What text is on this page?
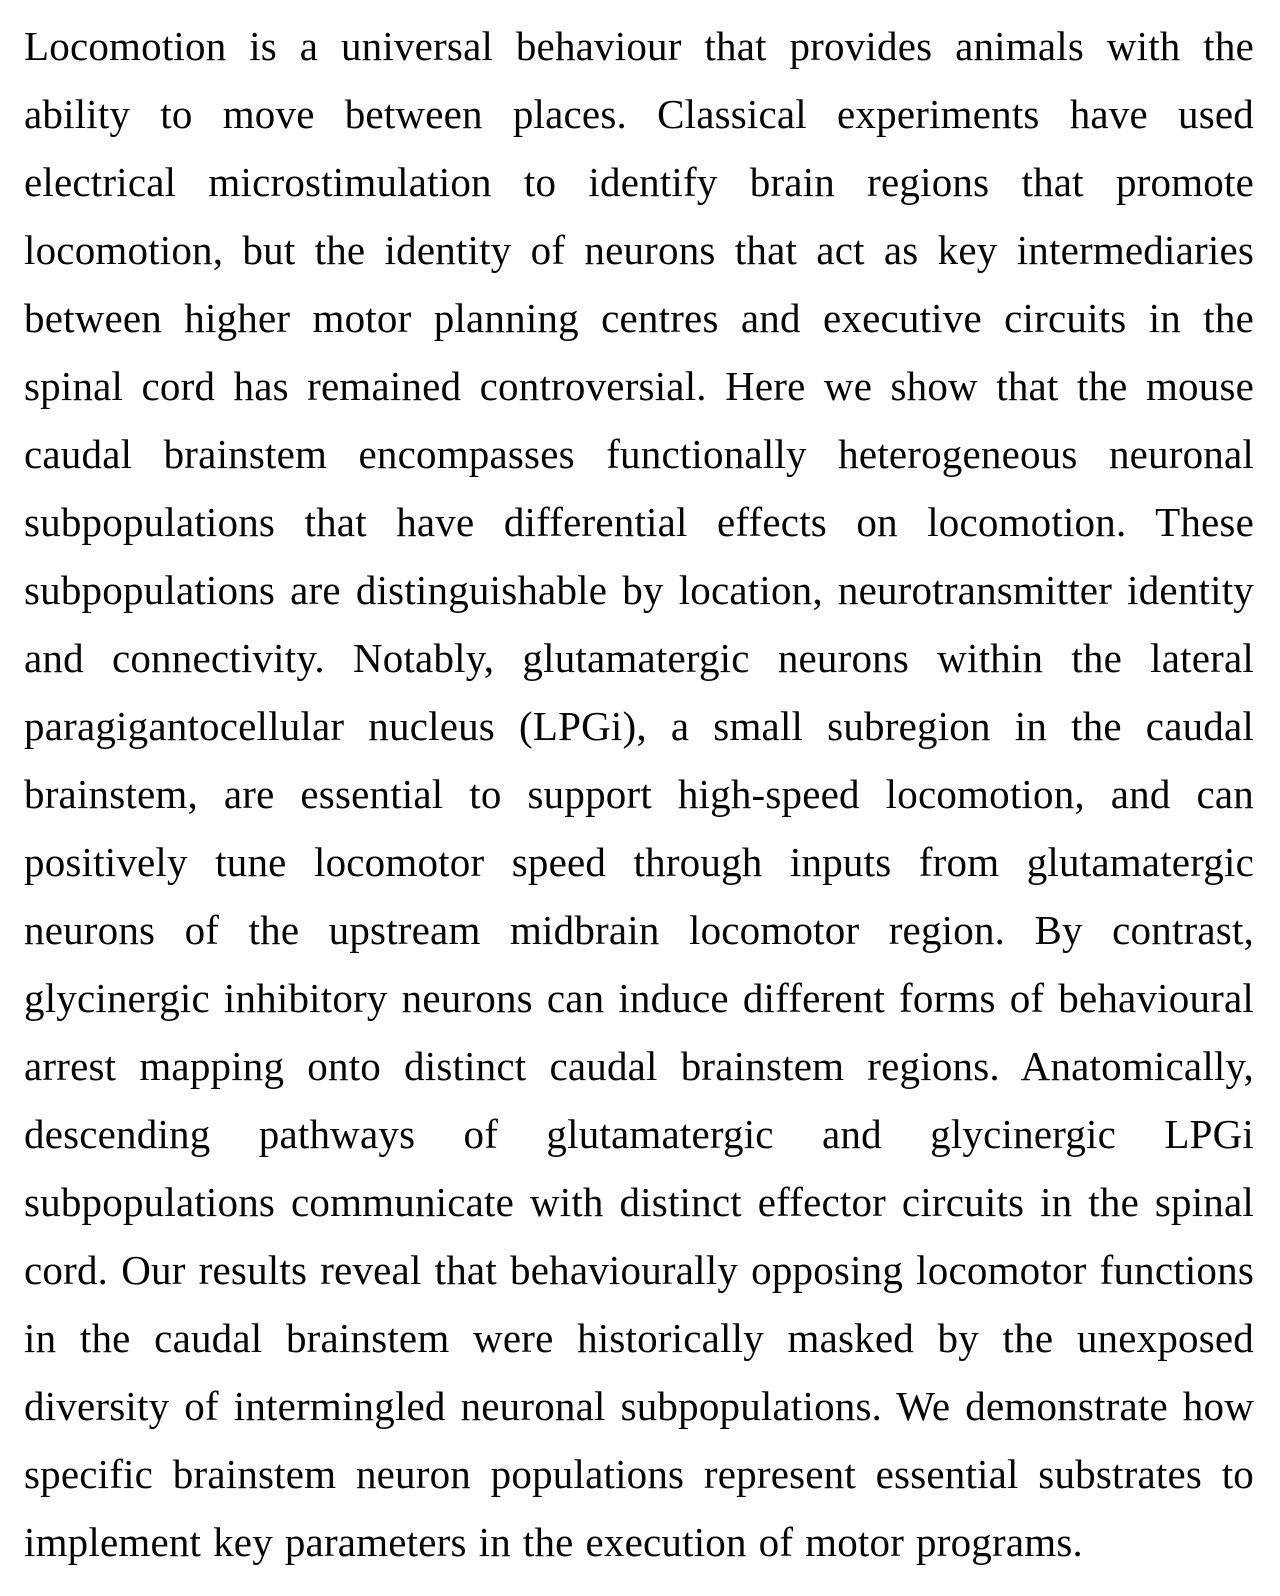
Locomotion is a universal behaviour that provides animals with the ability to move between places. Classical experiments have used electrical microstimulation to identify brain regions that promote locomotion, but the identity of neurons that act as key intermediaries between higher motor planning centres and executive circuits in the spinal cord has remained controversial. Here we show that the mouse caudal brainstem encompasses functionally heterogeneous neuronal subpopulations that have differential effects on locomotion. These subpopulations are distinguishable by location, neurotransmitter identity and connectivity. Notably, glutamatergic neurons within the lateral paragigantocellular nucleus (LPGi), a small subregion in the caudal brainstem, are essential to support high-speed locomotion, and can positively tune locomotor speed through inputs from glutamatergic neurons of the upstream midbrain locomotor region. By contrast, glycinergic inhibitory neurons can induce different forms of behavioural arrest mapping onto distinct caudal brainstem regions. Anatomically, descending pathways of glutamatergic and glycinergic LPGi subpopulations communicate with distinct effector circuits in the spinal cord. Our results reveal that behaviourally opposing locomotor functions in the caudal brainstem were historically masked by the unexposed diversity of intermingled neuronal subpopulations. We demonstrate how specific brainstem neuron populations represent essential substrates to implement key parameters in the execution of motor programs.
